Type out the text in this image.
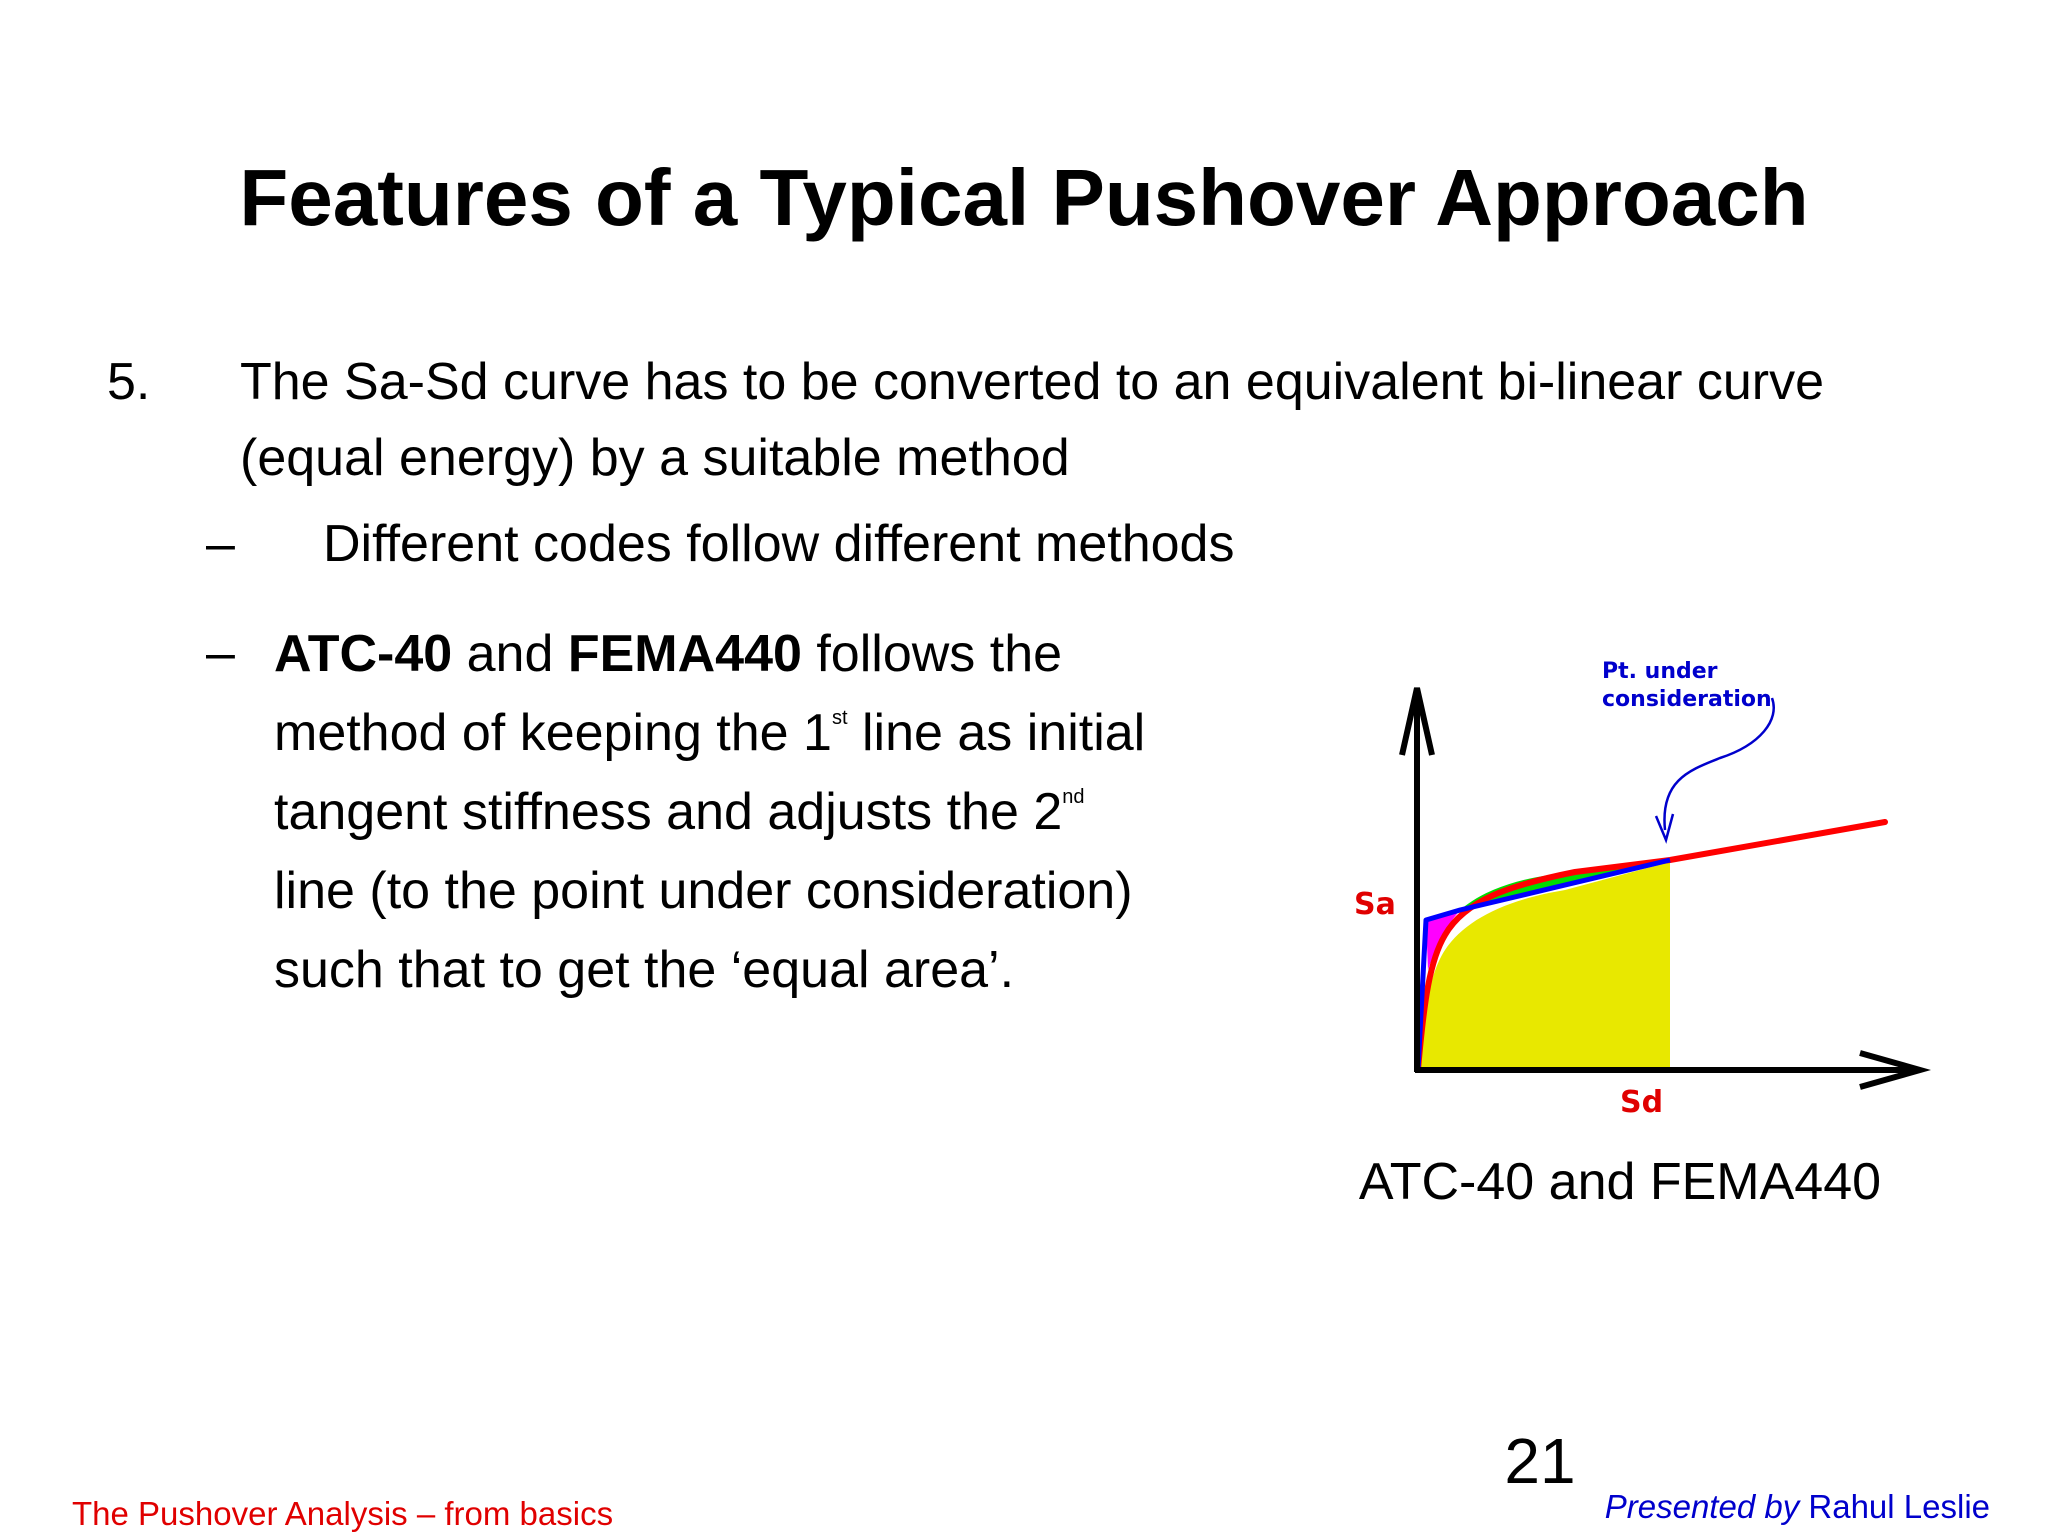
Features of a Typical Pushover Approach
5. The Sa-Sd curve has to be converted to an equivalent bi-linear curve (equal energy) by a suitable method
– Different codes follow different methods
– ATC-40 and FEMA440 follows the
method of keeping the 1st line as initial
tangent stiffness and adjusts the 2nd
line (to the point under consideration)
such that to get the ‘equal area’.
Pt. under
consideration
Sa
Sd
ATC-40 and FEMA440
21
The Pushover Analysis – from basics	Presented by Rahul Leslie
